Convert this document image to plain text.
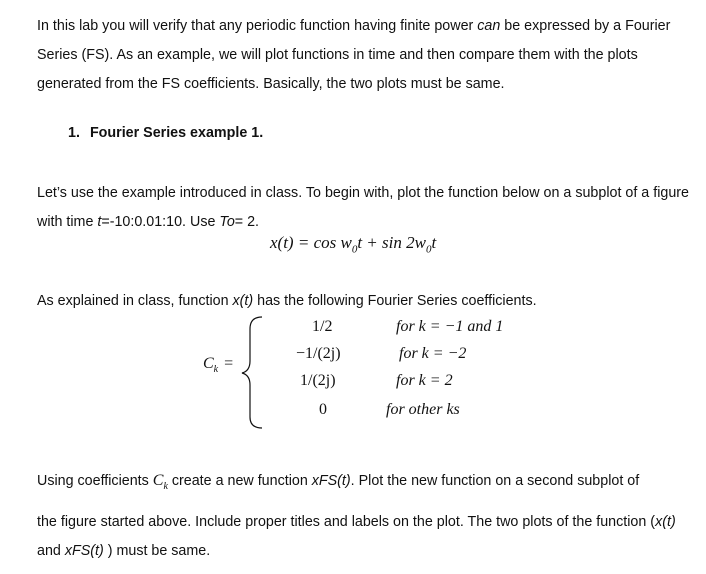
In this lab you will verify that any periodic function having finite power can be expressed by a Fourier Series (FS). As an example, we will plot functions in time and then compare them with the plots generated from the FS coefficients. Basically, the two plots must be same.

1. Fourier Series example 1.

Let’s use the example introduced in class. To begin with, plot the function below on a subplot of a figure with time t=-10:0.01:10. Use To= 2.

$x(t) = \cos w_0t + \sin 2w_0t$

As explained in class, function x(t) has the following Fourier Series coefficients.

$C_k$ =
1/2	for k = −1 and 1
−1/(2j)	for k = −2
1/(2j)	for k = 2
0	for other ks

Using coefficients $C_k$ create a new function xFS(t). Plot the new function on a second subplot of

the figure started above. Include proper titles and labels on the plot. The two plots of the function (x(t) and xFS(t) ) must be same.
